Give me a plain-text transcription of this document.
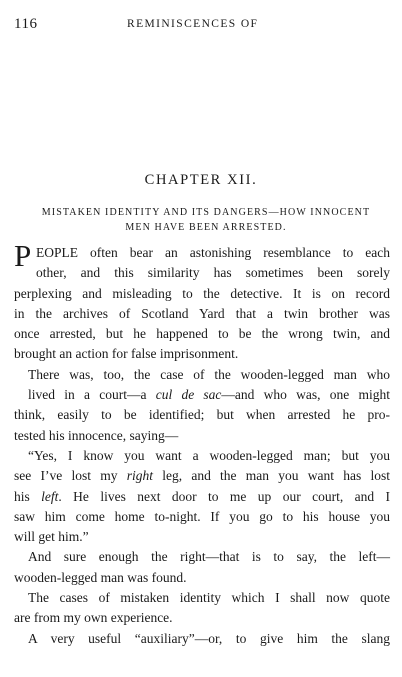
116	REMINISCENCES OF
CHAPTER XII.
MISTAKEN IDENTITY AND ITS DANGERS—HOW INNOCENT
MEN HAVE BEEN ARRESTED.
P EOPLE often bear an astonishing resemblance to each
other, and this similarity has sometimes been sorely
perplexing and misleading to the detective. It is on record
in the archives of Scotland Yard that a twin brother was
once arrested, but he happened to be the wrong twin, and
brought an action for false imprisonment.
There was, too, the case of the wooden-legged man who
lived in a court—a cul de sac—and who was, one might
think, easily to be identified; but when arrested he pro-
tested his innocence, saying—
“Yes, I know you want a wooden-legged man; but you
see I’ve lost my right leg, and the man you want has lost
his left. He lives next door to me up our court, and I
saw him come home to-night. If you go to his house you
will get him.”
And sure enough the right—that is to say, the left—
wooden-legged man was found.
The cases of mistaken identity which I shall now quote
are from my own experience.
A very useful “auxiliary”—or, to give him the slang
